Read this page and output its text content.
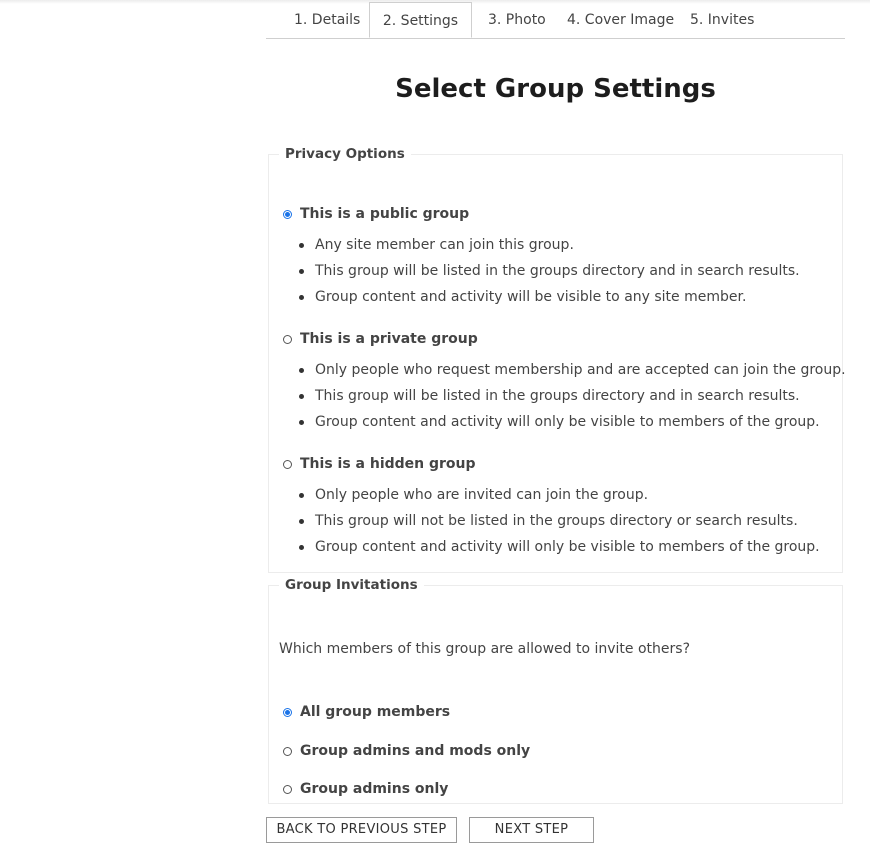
1. Details	2. Settings	3. Photo 4. Cover Image 5. Invites
Select Group Settings
Privacy Options
This is a public group
Any site member can join this group.
This group will be listed in the groups directory and in search results.
Group content and activity will be visible to any site member.
This is a private group
Only people who request membership and are accepted can join the group.
This group will be listed in the groups directory and in search results.
Group content and activity will only be visible to members of the group.
This is a hidden group
Only people who are invited can join the group.
This group will not be listed in the groups directory or search results.
Group content and activity will only be visible to members of the group.
Group Invitations
Which members of this group are allowed to invite others?
All group members
Group admins and mods only
Group admins only
BACK TO PREVIOUS STEP	NEXT STEP
